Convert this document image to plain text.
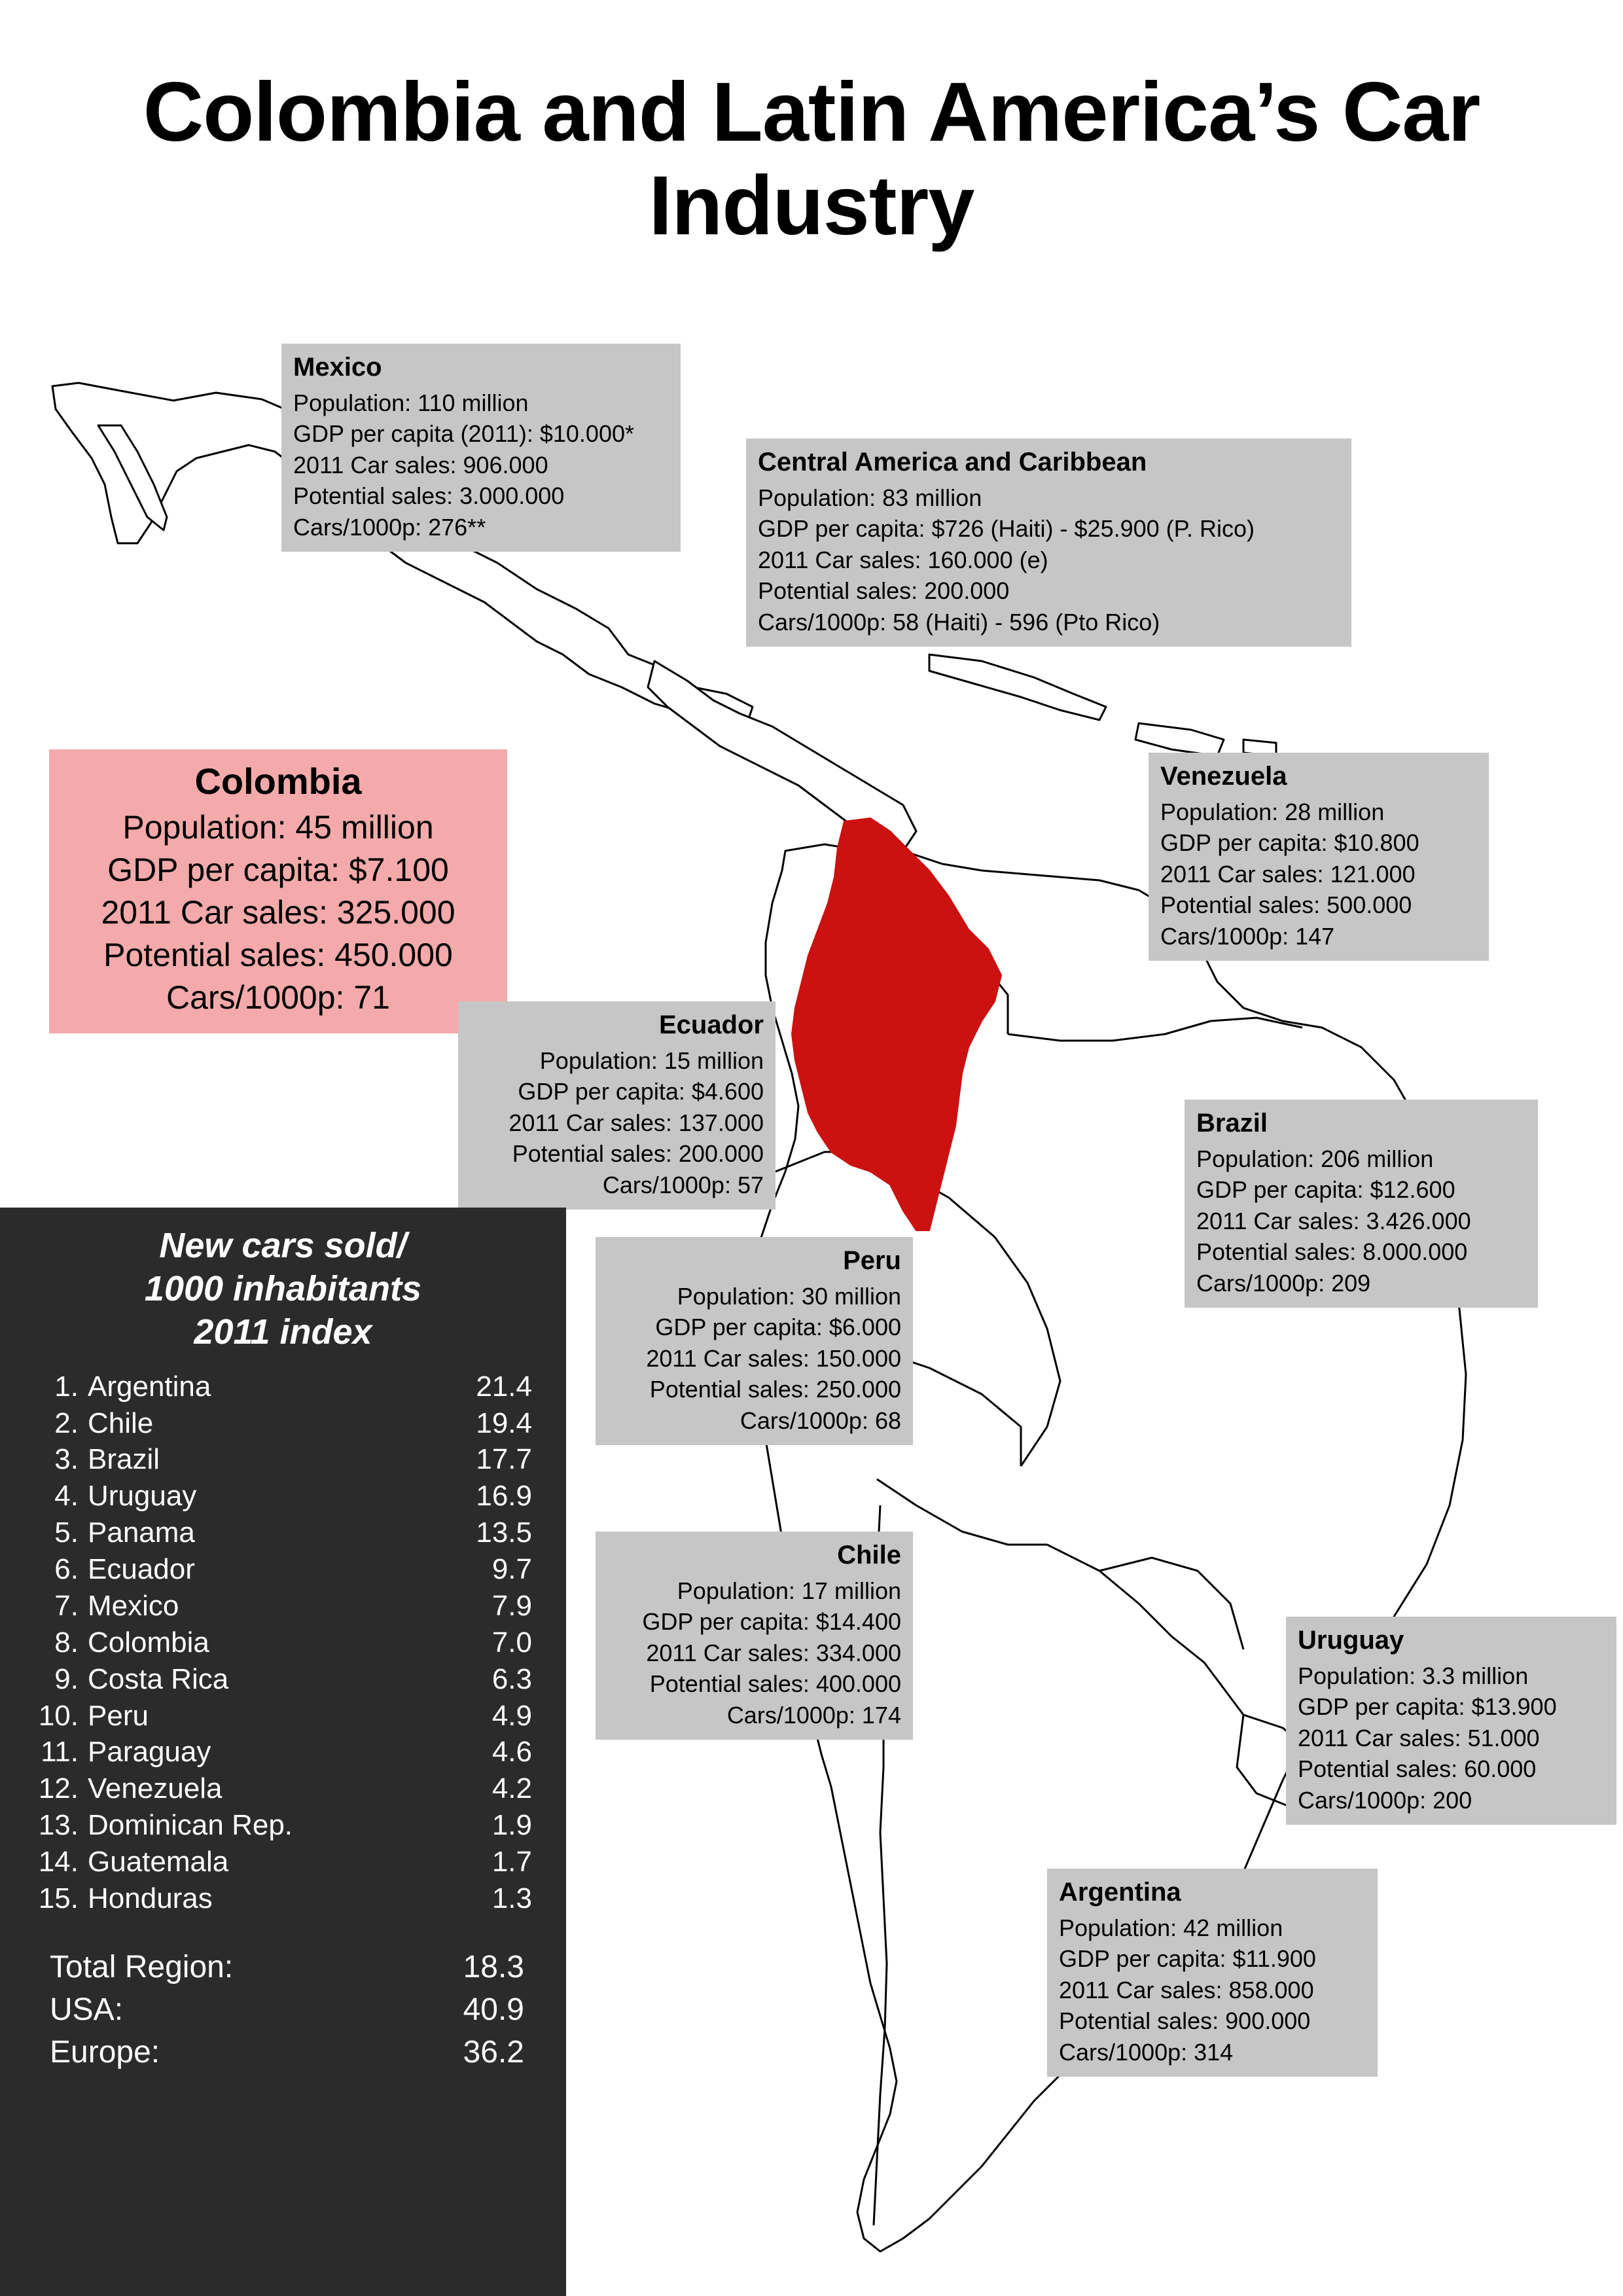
Colombia and Latin America’s Car Industry
Mexico
Population: 110 million
GDP per capita (2011): $10.000*
2011 Car sales: 906.000
Potential sales: 3.000.000
Cars/1000p: 276**
Central America and Caribbean
Population: 83 million
GDP per capita: $726 (Haiti) - $25.900 (P. Rico)
2011 Car sales: 160.000 (e)
Potential sales: 200.000
Cars/1000p: 58 (Haiti) - 596 (Pto Rico)
Venezuela
Population: 28 million
GDP per capita: $10.800
2011 Car sales: 121.000
Potential sales: 500.000
Cars/1000p: 147
Colombia
Population: 45 million
GDP per capita: $7.100
2011 Car sales: 325.000
Potential sales: 450.000
Cars/1000p: 71
Ecuador
Population: 15 million
GDP per capita: $4.600
2011 Car sales: 137.000
Potential sales: 200.000
Cars/1000p: 57
Brazil
Population: 206 million
GDP per capita: $12.600
2011 Car sales: 3.426.000
Potential sales: 8.000.000
Cars/1000p: 209
Peru
Population: 30 million
GDP per capita: $6.000
2011 Car sales: 150.000
Potential sales: 250.000
Cars/1000p: 68
Chile
Population: 17 million
GDP per capita: $14.400
2011 Car sales: 334.000
Potential sales: 400.000
Cars/1000p: 174
Uruguay
Population: 3.3 million
GDP per capita: $13.900
2011 Car sales: 51.000
Potential sales: 60.000
Cars/1000p: 200
Argentina
Population: 42 million
GDP per capita: $11.900
2011 Car sales: 858.000
Potential sales: 900.000
Cars/1000p: 314
New cars sold/
1000 inhabitants
2011 index
1. Argentina	21.4
2. Chile	19.4
3. Brazil	17.7
4. Uruguay	16.9
5. Panama	13.5
6. Ecuador	9.7
7. Mexico	7.9
8. Colombia	7.0
9. Costa Rica	6.3
10. Peru	4.9
11. Paraguay	4.6
12. Venezuela	4.2
13. Dominican Rep.	1.9
14. Guatemala	1.7
15. Honduras	1.3
Total Region:	18.3
USA:	40.9
Europe:	36.2
